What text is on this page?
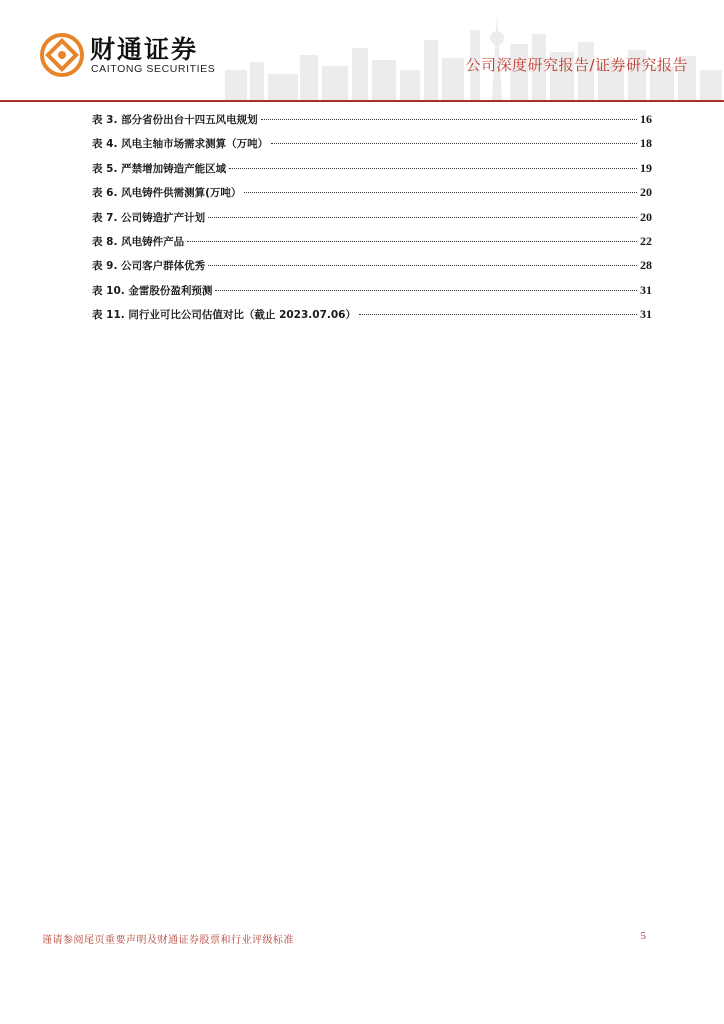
财通证券
CAITONG SECURITIES	公司深度研究报告/证券研究报告
表 3. 部分省份出台十四五风电规划	16
表 4. 风电主轴市场需求测算（万吨）	18
表 5. 严禁增加铸造产能区域	19
表 6. 风电铸件供需测算(万吨）	20
表 7. 公司铸造扩产计划	20
表 8. 风电铸件产品	22
表 9. 公司客户群体优秀	28
表 10. 金雷股份盈利预测	31
表 11. 同行业可比公司估值对比（截止 2023.07.06）	31
谨请参阅尾页重要声明及财通证券股票和行业评级标准	5
